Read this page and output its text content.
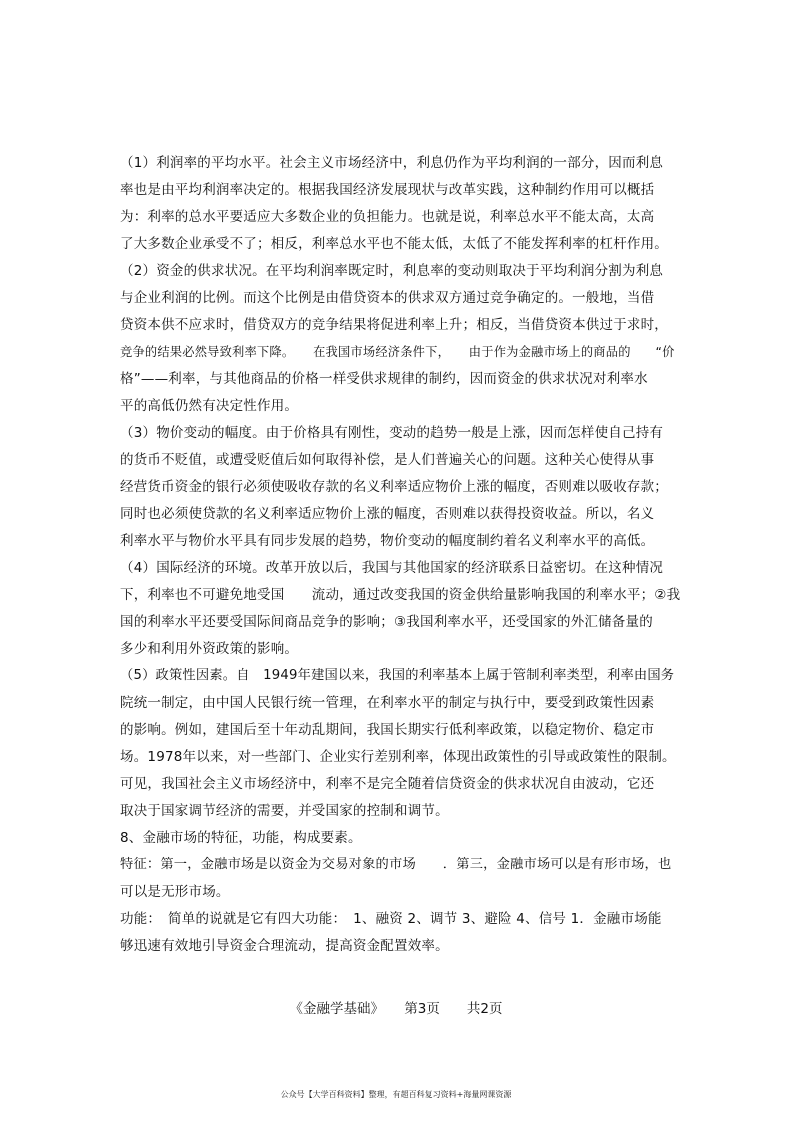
（1）利润率的平均水平。社会主义市场经济中，利息仍作为平均利润的一部分，因而利息
率也是由平均利润率决定的。根据我国经济发展现状与改革实践，这种制约作用可以概括
为：利率的总水平要适应大多数企业的负担能力。也就是说，利率总水平不能太高，太高
了大多数企业承受不了；相反，利率总水平也不能太低，太低了不能发挥利率的杠杆作用。
（2）资金的供求状况。在平均利润率既定时，利息率的变动则取决于平均利润分割为利息
与企业利润的比例。而这个比例是由借贷资本的供求双方通过竞争确定的。一般地，当借
贷资本供不应求时，借贷双方的竞争结果将促进利率上升；相反，当借贷资本供过于求时，
竞争的结果必然导致利率下降。　　在我国市场经济条件下，　　由于作为金融市场上的商品的　　“价
格”——利率，与其他商品的价格一样受供求规律的制约，因而资金的供求状况对利率水
平的高低仍然有决定性作用。
（3）物价变动的幅度。由于价格具有刚性，变动的趋势一般是上涨，因而怎样使自己持有
的货币不贬值，或遭受贬值后如何取得补偿，是人们普遍关心的问题。这种关心使得从事
经营货币资金的银行必须使吸收存款的名义利率适应物价上涨的幅度，否则难以吸收存款；
同时也必须使贷款的名义利率适应物价上涨的幅度，否则难以获得投资收益。所以，名义
利率水平与物价水平具有同步发展的趋势，物价变动的幅度制约着名义利率水平的高低。
（4）国际经济的环境。改革开放以后，我国与其他国家的经济联系日益密切。在这种情况
下，利率也不可避免地受国　　流动，通过改变我国的资金供给量影响我国的利率水平；②我
国的利率水平还要受国际间商品竞争的影响；③我国利率水平，还受国家的外汇储备量的
多少和利用外资政策的影响。
（5）政策性因素。自　1949年建国以来，我国的利率基本上属于管制利率类型，利率由国务
院统一制定，由中国人民银行统一管理，在利率水平的制定与执行中，要受到政策性因素
的影响。例如，建国后至十年动乱期间，我国长期实行低利率政策，以稳定物价、稳定市
场。1978年以来，对一些部门、企业实行差别利率，体现出政策性的引导或政策性的限制。
可见，我国社会主义市场经济中，利率不是完全随着信贷资金的供求状况自由波动，它还
取决于国家调节经济的需要，并受国家的控制和调节。
8、金融市场的特征，功能，构成要素。
特征：第一，金融市场是以资金为交易对象的市场　　．第三，金融市场可以是有形市场，也
可以是无形市场。
功能：　简单的说就是它有四大功能：　1、融资 2、调节 3、避险 4、信号 1．金融市场能
够迅速有效地引导资金合理流动，提高资金配置效率。
《金融学基础》　　第3页　　共2页
公众号【大学百科资料】整理，有超百科复习资料+海量网课资源
